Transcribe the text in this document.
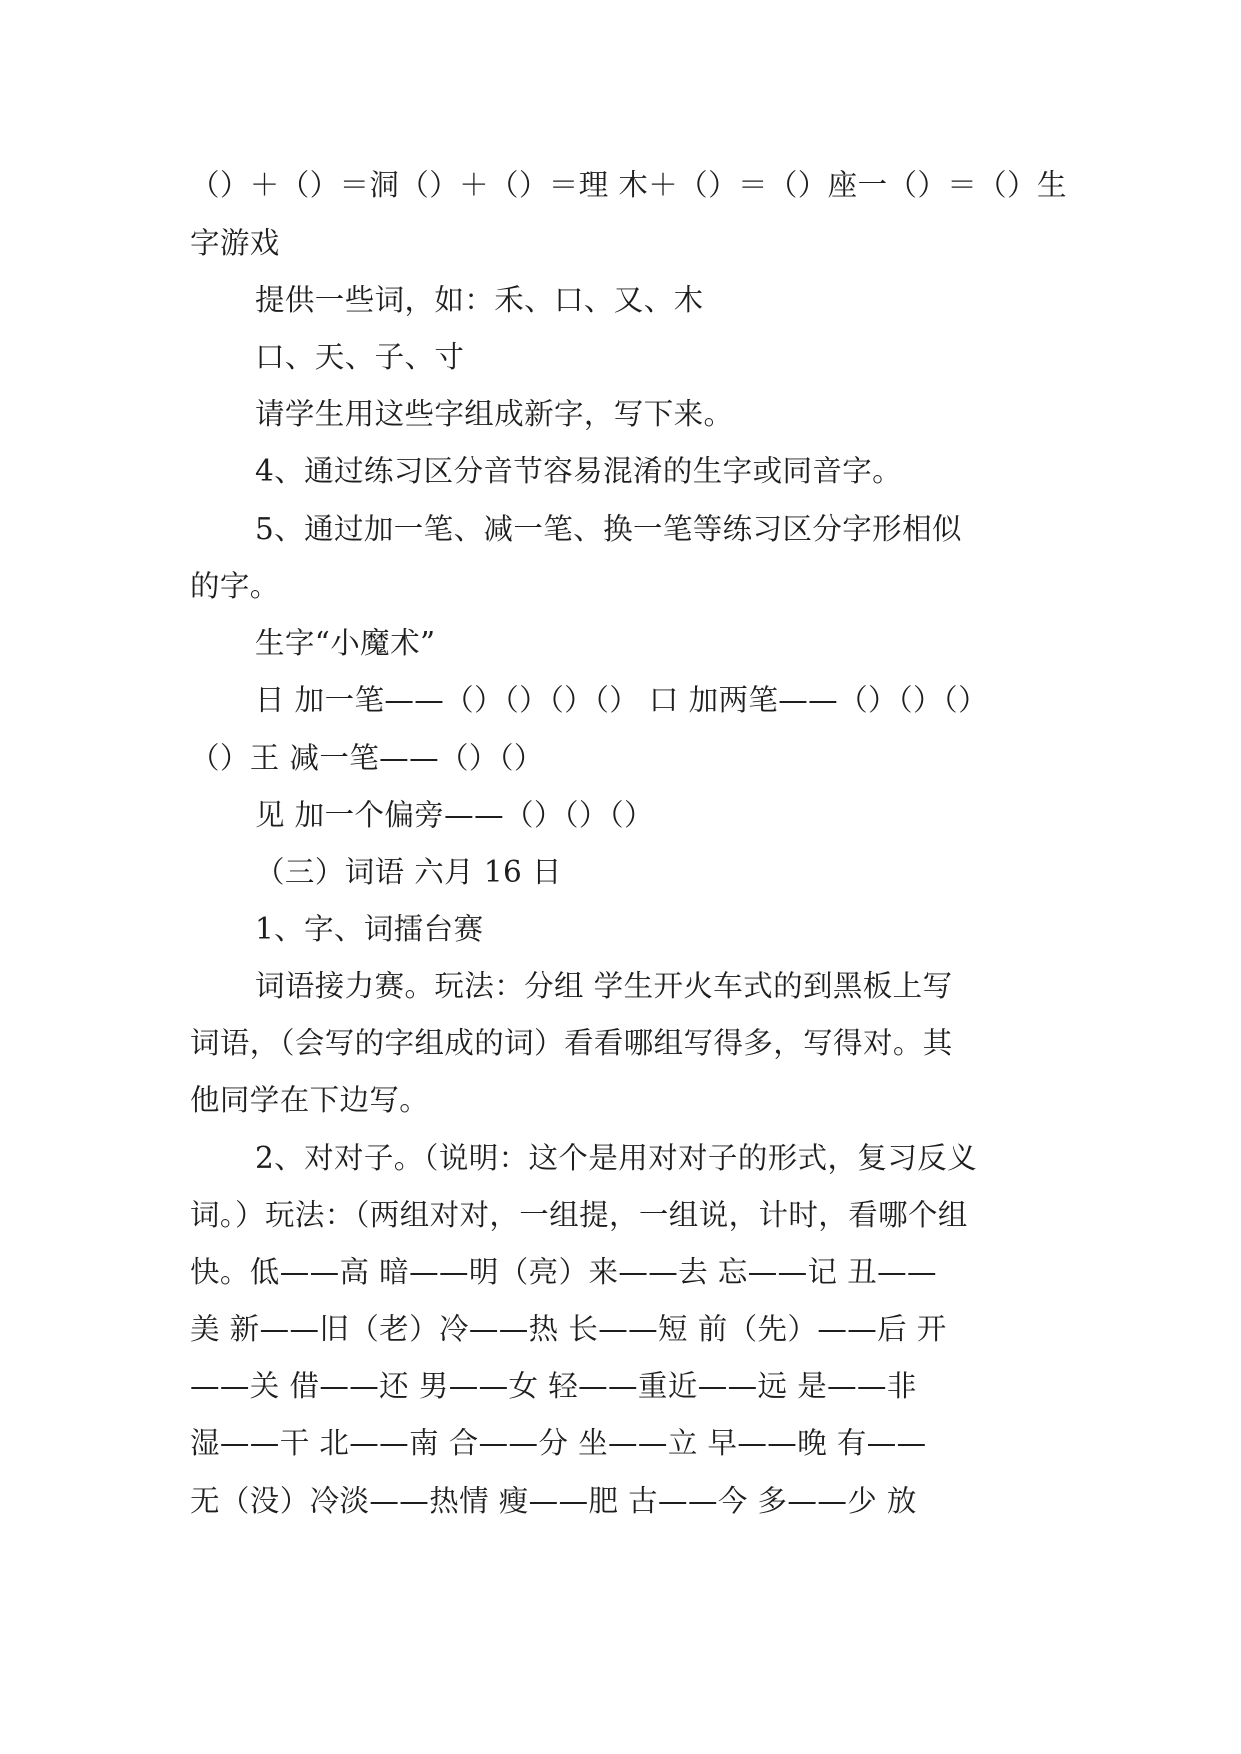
（）＋（）＝洞（）＋（）＝理 木＋（）＝（）座一（）＝（）生
字游戏
提供一些词，如：禾、口、又、木
口、天、子、寸
请学生用这些字组成新字，写下来。
4、通过练习区分音节容易混淆的生字或同音字。
5、通过加一笔、减一笔、换一笔等练习区分字形相似
的字。
生字“小魔术”
日 加一笔——（）（）（）（） 口 加两笔——（）（）（）
（）王 减一笔——（）（）
见 加一个偏旁——（）（）（）
（三）词语 六月 16 日
1、字、词擂台赛
词语接力赛。玩法：分组 学生开火车式的到黑板上写
词语，（会写的字组成的词）看看哪组写得多，写得对。其
他同学在下边写。
2、对对子。（说明：这个是用对对子的形式，复习反义
词。）玩法：（两组对对，一组提，一组说，计时，看哪个组
快。低——高 暗——明（亮）来——去 忘——记 丑——
美 新——旧（老）冷——热 长——短 前（先）——后 开
——关 借——还 男——女 轻——重近——远 是——非
湿——干 北——南 合——分 坐——立 早——晚 有——
无（没）冷淡——热情 瘦——肥 古——今 多——少 放
